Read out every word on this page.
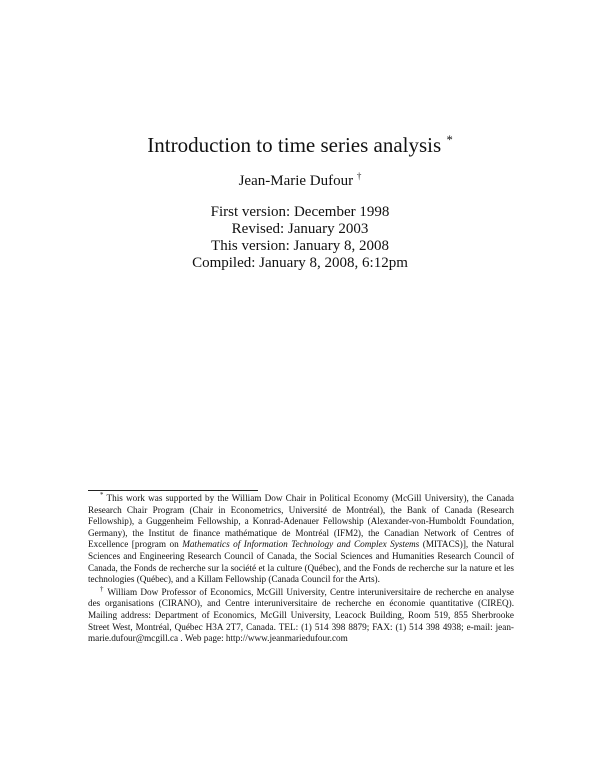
Introduction to time series analysis *
Jean-Marie Dufour †
First version: December 1998
Revised: January 2003
This version: January 8, 2008
Compiled: January 8, 2008, 6:12pm

* This work was supported by the William Dow Chair in Political Economy (McGill University), the Canada Research Chair Program (Chair in Econometrics, Université de Montréal), the Bank of Canada (Research Fellowship), a Guggenheim Fellowship, a Konrad-Adenauer Fellowship (Alexander-von-Humboldt Foundation, Germany), the Institut de finance mathématique de Montréal (IFM2), the Canadian Network of Centres of Excellence [program on Mathematics of Information Technology and Complex Systems (MITACS)], the Natural Sciences and Engineering Research Council of Canada, the Social Sciences and Humanities Research Council of Canada, the Fonds de recherche sur la société et la culture (Québec), and the Fonds de recherche sur la nature et les technologies (Québec), and a Killam Fellowship (Canada Council for the Arts).

† William Dow Professor of Economics, McGill University, Centre interuniversitaire de recherche en analyse des organisations (CIRANO), and Centre interuniversitaire de recherche en économie quantitative (CIREQ). Mailing address: Department of Economics, McGill University, Leacock Building, Room 519, 855 Sherbrooke Street West, Montréal, Québec H3A 2T7, Canada. TEL: (1) 514 398 8879; FAX: (1) 514 398 4938; e-mail: jean-marie.dufour@mcgill.ca . Web page: http://www.jeanmariedufour.com
